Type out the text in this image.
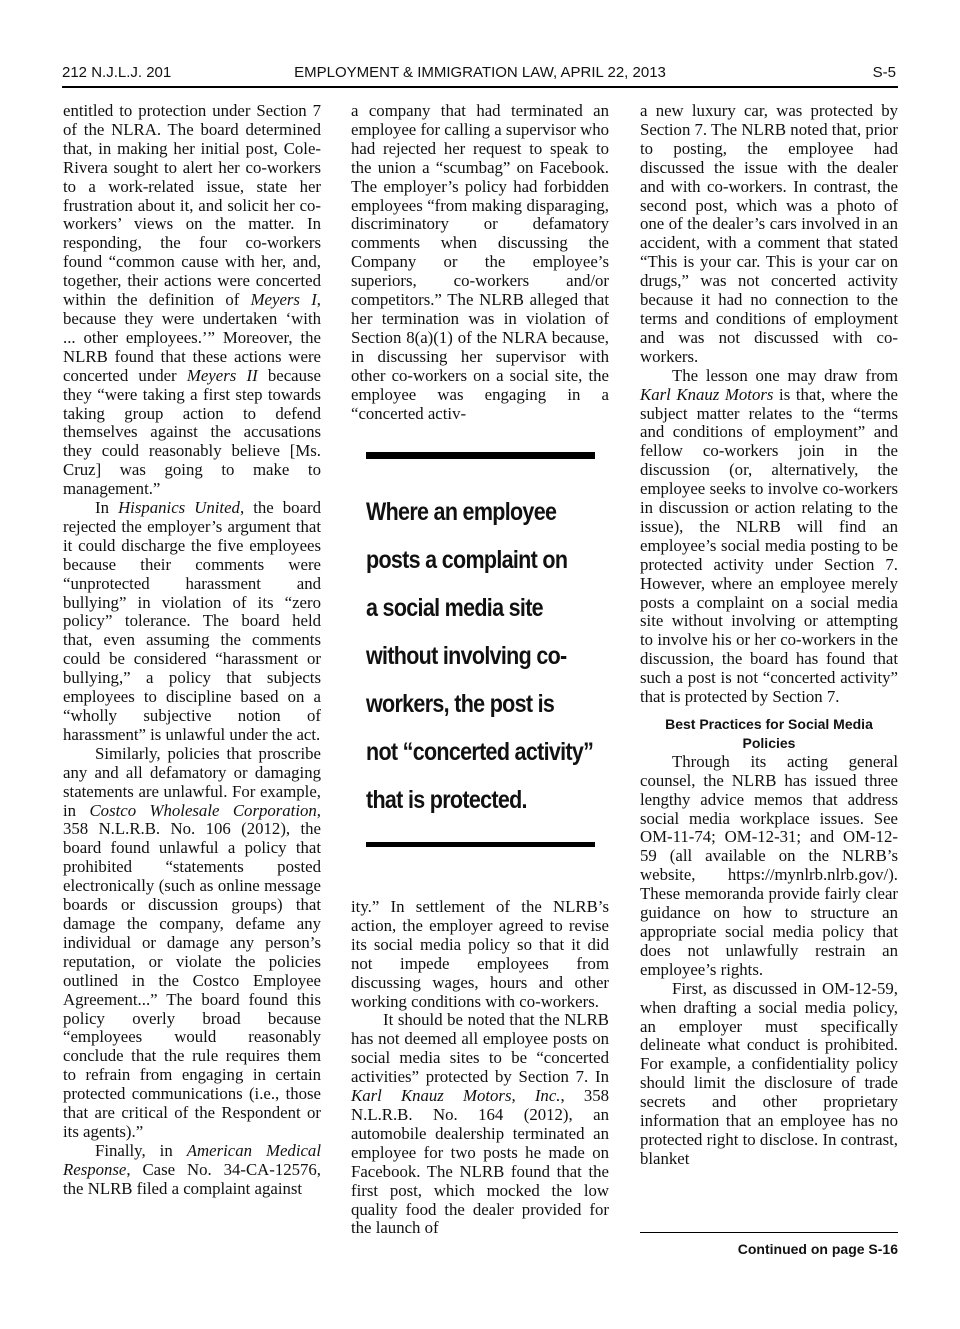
212 N.J.L.J. 201	EMPLOYMENT & IMMIGRATION LAW, APRIL 22, 2013	S-5

entitled to protection under Section 7 of the NLRA. The board determined that, in making her initial post, Cole-Rivera sought to alert her co-workers to a work-related issue, state her frustration about it, and solicit her co-workers’ views on the matter. In responding, the four co-workers found “common cause with her, and, together, their actions were concerted within the definition of Meyers I, because they were undertaken ‘with ... other employees.’” Moreover, the NLRB found that these actions were concerted under Meyers II because they “were taking a first step towards taking group action to defend themselves against the accusations they could reasonably believe [Ms. Cruz] was going to make to management.”

In Hispanics United, the board rejected the employer’s argument that it could discharge the five employees because their comments were “unprotected harassment and bullying” in violation of its “zero policy” tolerance. The board held that, even assuming the comments could be considered “harassment or bullying,” a policy that subjects employees to discipline based on a “wholly subjective notion of harassment” is unlawful under the act.

Similarly, policies that proscribe any and all defamatory or damaging statements are unlawful. For example, in Costco Wholesale Corporation, 358 N.L.R.B. No. 106 (2012), the board found unlawful a policy that prohibited “statements posted electronically (such as online message boards or discussion groups) that damage the company, defame any individual or damage any person’s reputation, or violate the policies outlined in the Costco Employee Agreement...” The board found this policy overly broad because “employees would reasonably conclude that the rule requires them to refrain from engaging in certain protected communications (i.e., those that are critical of the Respondent or its agents).”

Finally, in American Medical Response, Case No. 34-CA-12576, the NLRB filed a complaint against

a company that had terminated an employee for calling a supervisor who had rejected her request to speak to the union a “scumbag” on Facebook. The employer’s policy had forbidden employees “from making disparaging, discriminatory or defamatory comments when discussing the Company or the employee’s superiors, co-workers and/or competitors.” The NLRB alleged that her termination was in violation of Section 8(a)(1) of the NLRA because, in discussing her supervisor with other co-workers on a social site, the employee was engaging in a “concerted activ-

Where an employee
posts a complaint on
a social media site
without involving co-
workers, the post is
not “concerted activity”
that is protected.

ity.” In settlement of the NLRB’s action, the employer agreed to revise its social media policy so that it did not impede employees from discussing wages, hours and other working conditions with co-workers.

It should be noted that the NLRB has not deemed all employee posts on social media sites to be “concerted activities” protected by Section 7. In Karl Knauz Motors, Inc., 358 N.L.R.B. No. 164 (2012), an automobile dealership terminated an employee for two posts he made on Facebook. The NLRB found that the first post, which mocked the low quality food the dealer provided for the launch of

a new luxury car, was protected by Section 7. The NLRB noted that, prior to posting, the employee had discussed the issue with the dealer and with co-workers. In contrast, the second post, which was a photo of one of the dealer’s cars involved in an accident, with a comment that stated “This is your car. This is your car on drugs,” was not concerted activity because it had no connection to the terms and conditions of employment and was not discussed with co-workers.

The lesson one may draw from Karl Knauz Motors is that, where the subject matter relates to the “terms and conditions of employment” and fellow co-workers join in the discussion (or, alternatively, the employee seeks to involve co-workers in discussion or action relating to the issue), the NLRB will find an employee’s social media posting to be protected activity under Section 7. However, where an employee merely posts a complaint on a social media site without involving or attempting to involve his or her co-workers in the discussion, the board has found that such a post is not “concerted activity” that is protected by Section 7.

Best Practices for Social Media Policies

Through its acting general counsel, the NLRB has issued three lengthy advice memos that address social media workplace issues. See OM-11-74; OM-12-31; and OM-12-59 (all available on the NLRB’s website, https://mynlrb.nlrb.gov/). These memoranda provide fairly clear guidance on how to structure an appropriate social media policy that does not unlawfully restrain an employee’s rights.

First, as discussed in OM-12-59, when drafting a social media policy, an employer must specifically delineate what conduct is prohibited. For example, a confidentiality policy should limit the disclosure of trade secrets and other proprietary information that an employee has no protected right to disclose. In contrast, blanket

Continued on page S-16
